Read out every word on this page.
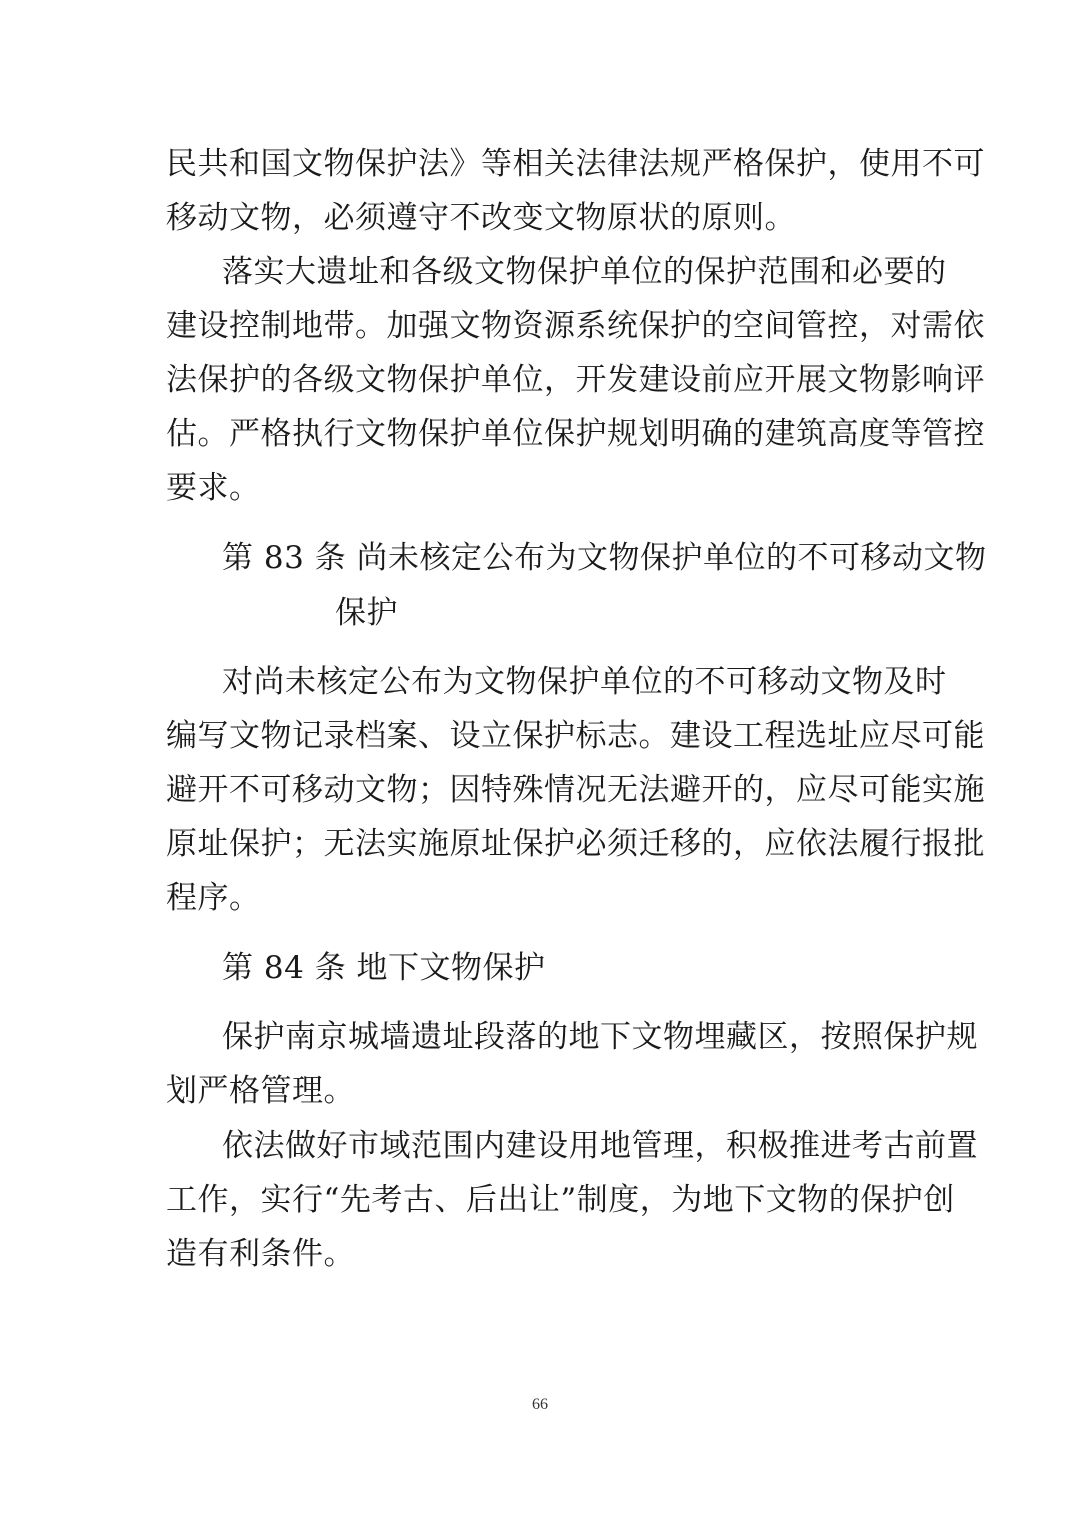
民共和国文物保护法》等相关法律法规严格保护，使用不可
移动文物，必须遵守不改变文物原状的原则。
落实大遗址和各级文物保护单位的保护范围和必要的
建设控制地带。加强文物资源系统保护的空间管控，对需依
法保护的各级文物保护单位，开发建设前应开展文物影响评
估。严格执行文物保护单位保护规划明确的建筑高度等管控
要求。
第 83 条 尚未核定公布为文物保护单位的不可移动文物
保护
对尚未核定公布为文物保护单位的不可移动文物及时
编写文物记录档案、设立保护标志。建设工程选址应尽可能
避开不可移动文物；因特殊情况无法避开的，应尽可能实施
原址保护；无法实施原址保护必须迁移的，应依法履行报批
程序。
第 84 条 地下文物保护
保护南京城墙遗址段落的地下文物埋藏区，按照保护规
划严格管理。
依法做好市域范围内建设用地管理，积极推进考古前置
工作，实行“先考古、后出让”制度，为地下文物的保护创
造有利条件。
66
